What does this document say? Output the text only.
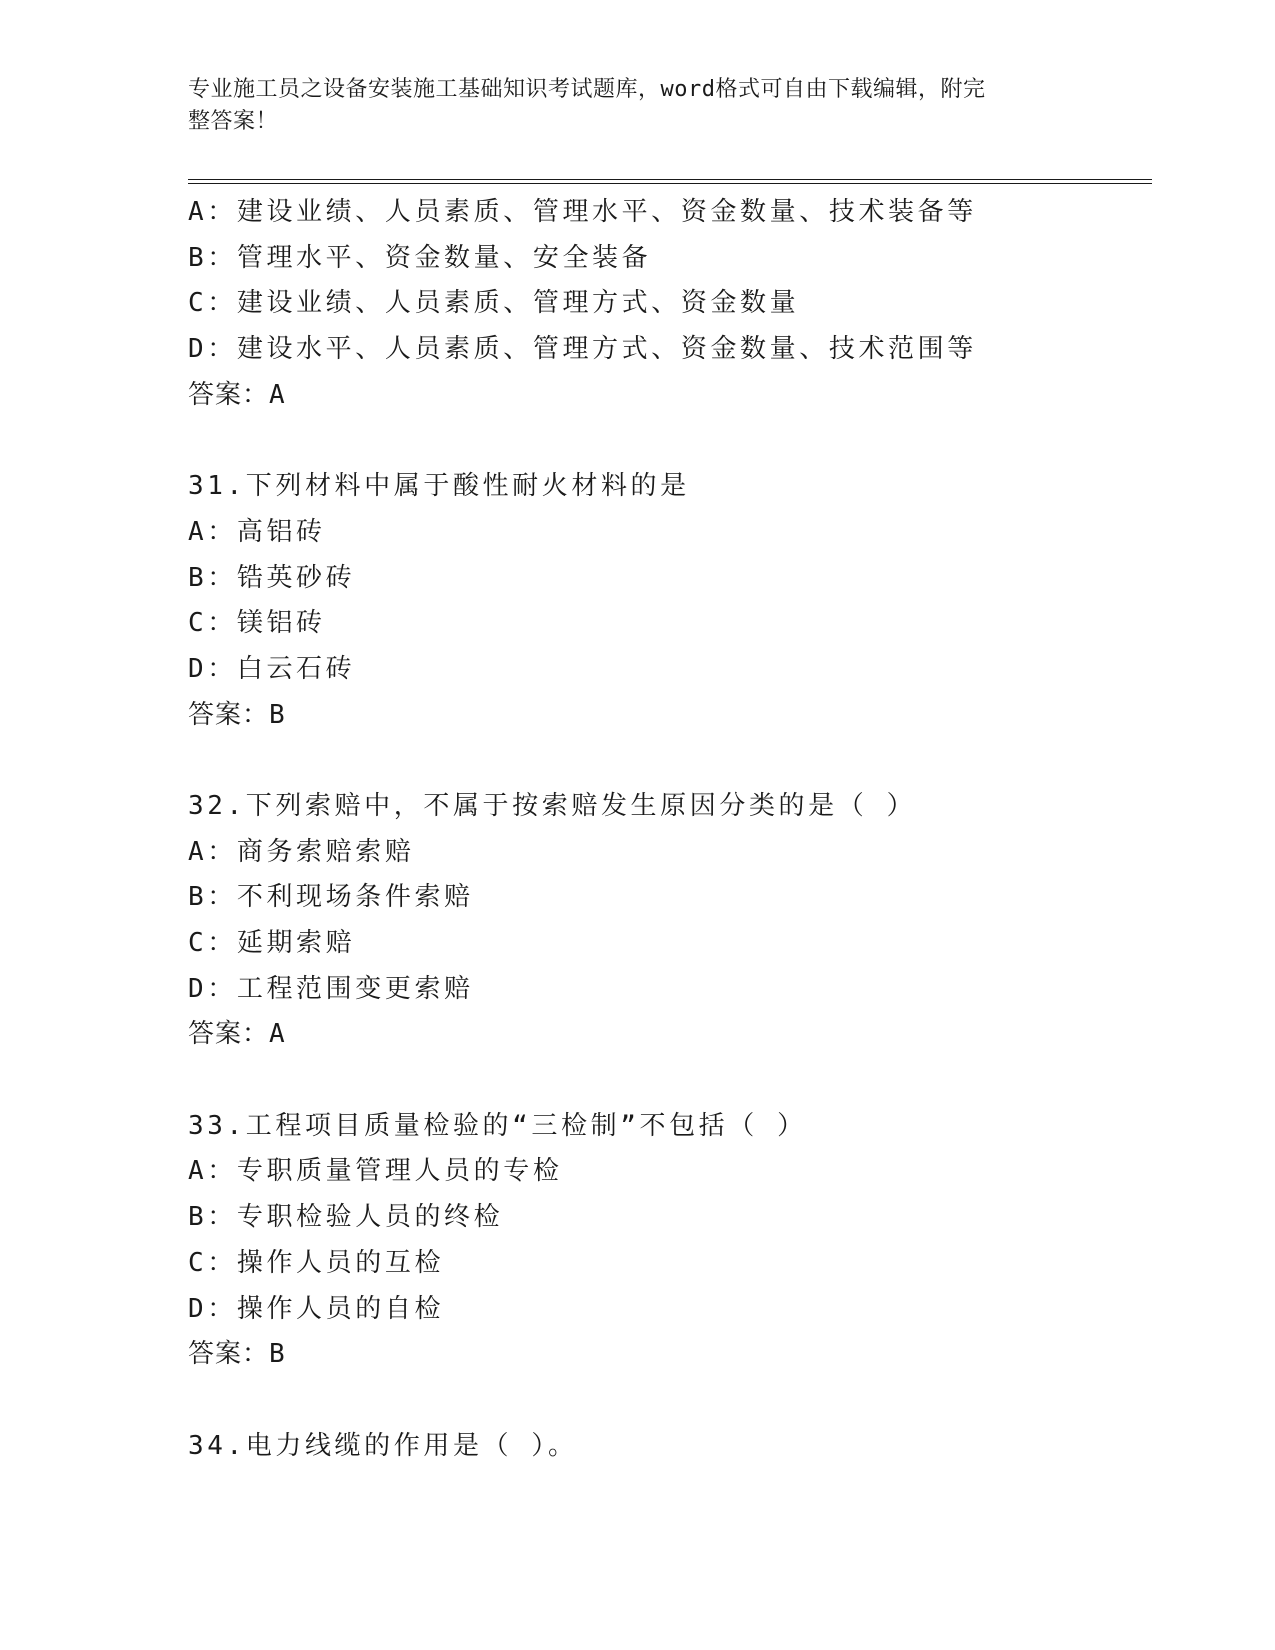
专业施工员之设备安装施工基础知识考试题库，word格式可自由下载编辑，附完
整答案！
A：建设业绩、人员素质、管理水平、资金数量、技术装备等
B：管理水平、资金数量、安全装备
C：建设业绩、人员素质、管理方式、资金数量
D：建设水平、人员素质、管理方式、资金数量、技术范围等
答案：A
31.下列材料中属于酸性耐火材料的是
A：高铝砖
B：锆英砂砖
C：镁铝砖
D：白云石砖
答案：B
32.下列索赔中，不属于按索赔发生原因分类的是（ ）
A：商务索赔索赔
B：不利现场条件索赔
C：延期索赔
D：工程范围变更索赔
答案：A
33.工程项目质量检验的“三检制”不包括（ ）
A：专职质量管理人员的专检
B：专职检验人员的终检
C：操作人员的互检
D：操作人员的自检
答案：B
34.电力线缆的作用是（ ）。
